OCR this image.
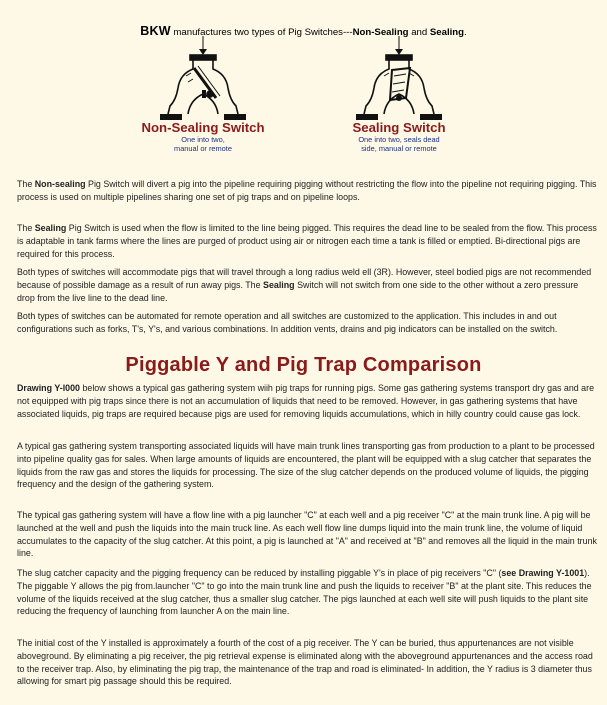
BKW manufactures two types of Pig Switches---Non-Sealing and Sealing.
Non-Sealing Switch
One into two,
manual or remote
Sealing Switch
One into two, seals dead
side, manual or remote

The Non-sealing Pig Switch will divert a pig into the pipeline requiring pigging without restricting the flow into the pipeline not requiring pigging. This process is used on multiple pipelines sharing one set of pig traps and on pipeline loops.

The Sealing Pig Switch is used when the flow is limited to the line being pigged. This requires the dead line to be sealed from the flow. This process is adaptable in tank farms where the lines are purged of product using air or nitrogen each time a tank is filled or emptied. Bi-directional pigs are required for this process.

Both types of switches will accommodate pigs that will travel through a long radius weld ell (3R). However, steel bodied pigs are not recommended because of possible damage as a result of run away pigs. The Sealing Switch will not switch from one side to the other without a zero pressure drop from the live line to the dead line.

Both types of switches can be automated for remote operation and all switches are customized to the application. This includes in and out configurations such as forks, T's, Y's, and various combinations. In addition vents, drains and pig indicators can be installed on the switch.

Piggable Y and Pig Trap Comparison

Drawing Y-l000 below shows a typical gas gathering system wiih pig traps for running pigs. Some gas gathering systems transport dry gas and are not equipped with pig traps since there is not an accumulation of liquids that need to be removed. However, in gas gathering systems that have associated liquids, pig traps are required because pigs are used for removing liquids accumulations, which in hilly country could cause gas lock.

A typical gas gathering system transporting associated liquids will have main trunk lines transporting gas from production to a plant to be processed into pipeline quality gas for sales. When large amounts of liquids are encountered, the plant will be equipped with a slug catcher that separates the liquids from the raw gas and stores the liquids for processing. The size of the slug catcher depends on the produced volume of liquids, the pigging frequency and the design of the gathering system.

The typical gas gathering system will have a flow line with a pig launcher "C" at each well and a pig receiver "C" at the main trunk line. A pig will be launched at the well and push the liquids into the main truck line. As each well flow line dumps liquid into the main trunk line, the volume of liquid accumulates to the capacity of the slug catcher. At this point, a pig is launched at "A" and received at "B" and removes all the liquid in the main trunk line.

The slug catcher capacity and the pigging frequency can be reduced by installing piggable Y's in place of pig receivers "C" (see Drawing Y-1001). The piggable Y allows the pig from.launcher "C" to go into the main trunk line and push the liquids to receiver "B" at the plant site. This reduces the volume of the liquids received at the slug catcher, thus a smaller slug catcher. The pigs launched at each well site will push liquids to the plant site reducing the frequency of launching from launcher A on the main line.

The initial cost of the Y installed is approximately a fourth of the cost of a pig receiver. The Y can be buried, thus appurtenances are not visible aboveground. By eliminating a pig receiver, the pig retrieval expense is eliminated along with the aboveground appurtenances and the access road to the receiver trap. Also, by eliminating the pig trap, the maintenance of the trap and road is eliminated- In addition, the Y radius is 3 diameter thus allowing for smart pig passage should this be required.
